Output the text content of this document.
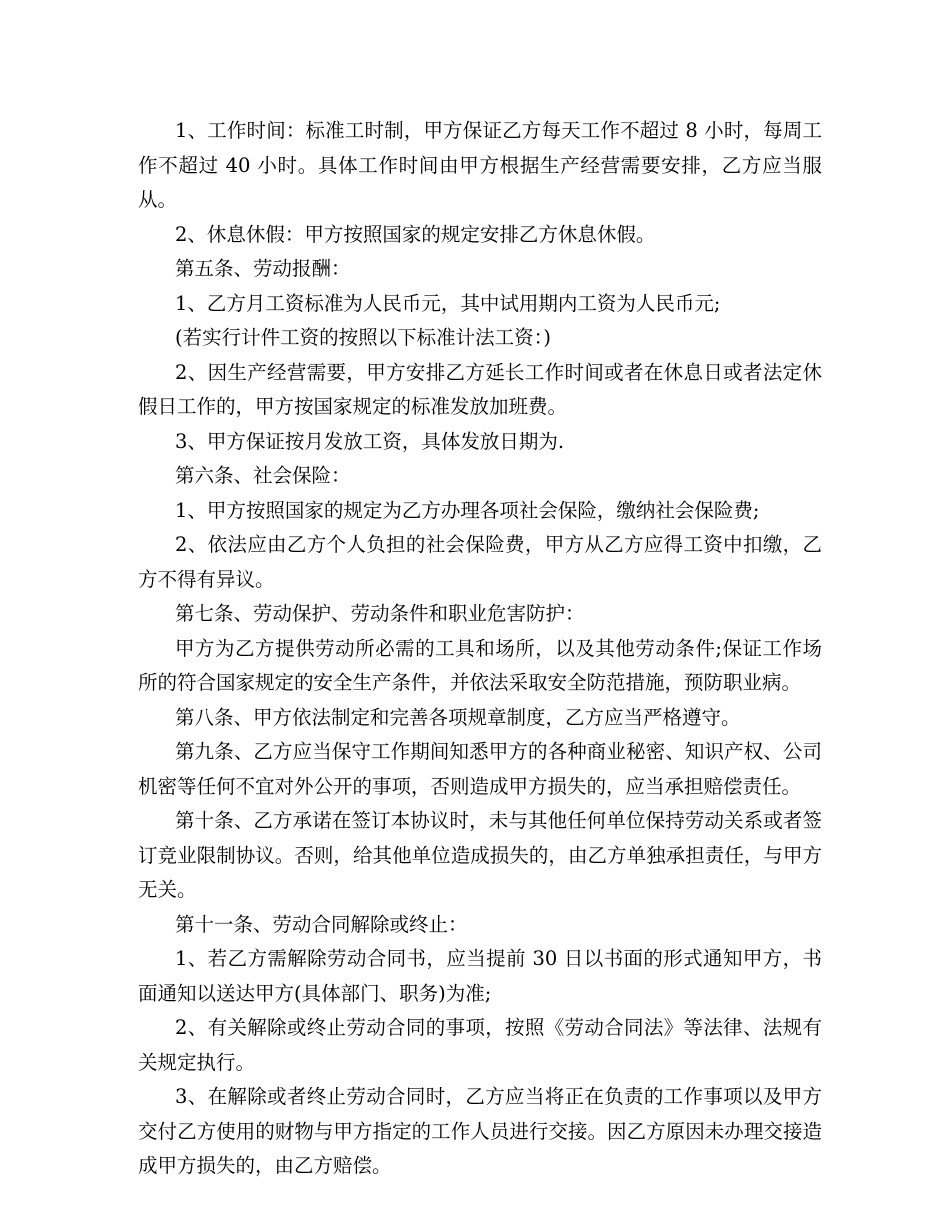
1、工作时间：标准工时制，甲方保证乙方每天工作不超过 8 小时，每周工作不超过 40 小时。具体工作时间由甲方根据生产经营需要安排，乙方应当服从。

2、休息休假：甲方按照国家的规定安排乙方休息休假。

第五条、劳动报酬：

1、乙方月工资标准为人民币元，其中试用期内工资为人民币元;

(若实行计件工资的按照以下标准计法工资：)

2、因生产经营需要，甲方安排乙方延长工作时间或者在休息日或者法定休假日工作的，甲方按国家规定的标准发放加班费。

3、甲方保证按月发放工资，具体发放日期为.

第六条、社会保险：

1、甲方按照国家的规定为乙方办理各项社会保险，缴纳社会保险费;

2、依法应由乙方个人负担的社会保险费，甲方从乙方应得工资中扣缴，乙方不得有异议。

第七条、劳动保护、劳动条件和职业危害防护：

甲方为乙方提供劳动所必需的工具和场所，以及其他劳动条件;保证工作场所的符合国家规定的安全生产条件，并依法采取安全防范措施，预防职业病。

第八条、甲方依法制定和完善各项规章制度，乙方应当严格遵守。

第九条、乙方应当保守工作期间知悉甲方的各种商业秘密、知识产权、公司机密等任何不宜对外公开的事项，否则造成甲方损失的，应当承担赔偿责任。

第十条、乙方承诺在签订本协议时，未与其他任何单位保持劳动关系或者签订竞业限制协议。否则，给其他单位造成损失的，由乙方单独承担责任，与甲方无关。

第十一条、劳动合同解除或终止：

1、若乙方需解除劳动合同书，应当提前 30 日以书面的形式通知甲方，书面通知以送达甲方(具体部门、职务)为准;

2、有关解除或终止劳动合同的事项，按照《劳动合同法》等法律、法规有关规定执行。

3、在解除或者终止劳动合同时，乙方应当将正在负责的工作事项以及甲方交付乙方使用的财物与甲方指定的工作人员进行交接。因乙方原因未办理交接造成甲方损失的，由乙方赔偿。
